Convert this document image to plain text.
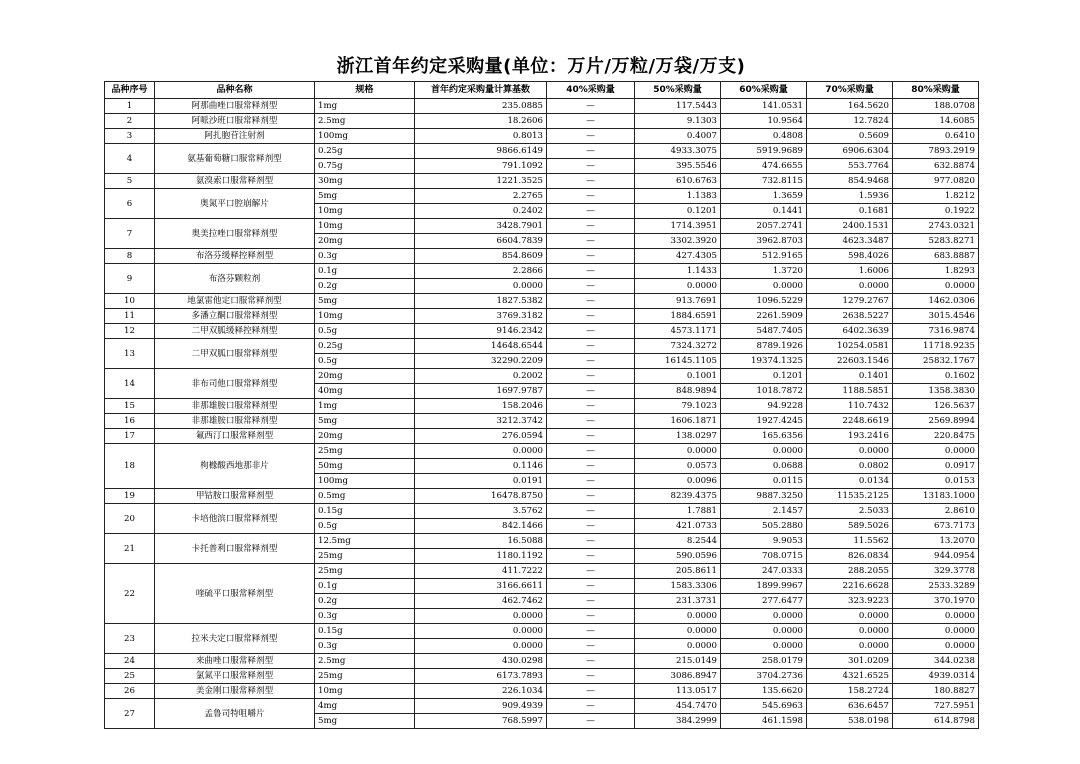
浙江首年约定采购量(单位：万片/万粒/万袋/万支)
品种序号	品种名称	规格	首年约定采购量计算基数	40%采购量	50%采购量	60%采购量	70%采购量	80%采购量
1	阿那曲唑口服常释剂型	1mg	235.0885	—	117.5443	141.0531	164.5620	188.0708
2	阿哌沙班口服常释剂型	2.5mg	18.2606	—	9.1303	10.9564	12.7824	14.6085
3	阿扎胞苷注射剂	100mg	0.8013	—	0.4007	0.4808	0.5609	0.6410
4	氨基葡萄糖口服常释剂型	0.25g	9866.6149	—	4933.3075	5919.9689	6906.6304	7893.2919
		0.75g	791.1092	—	395.5546	474.6655	553.7764	632.8874
5	氨溴索口服常释剂型	30mg	1221.3525	—	610.6763	732.8115	854.9468	977.0820
6	奥氮平口腔崩解片	5mg	2.2765	—	1.1383	1.3659	1.5936	1.8212
		10mg	0.2402	—	0.1201	0.1441	0.1681	0.1922
7	奥美拉唑口服常释剂型	10mg	3428.7901	—	1714.3951	2057.2741	2400.1531	2743.0321
		20mg	6604.7839	—	3302.3920	3962.8703	4623.3487	5283.8271
8	布洛芬缓释控释剂型	0.3g	854.8609	—	427.4305	512.9165	598.4026	683.8887
9	布洛芬颗粒剂	0.1g	2.2866	—	1.1433	1.3720	1.6006	1.8293
		0.2g	0.0000	—	0.0000	0.0000	0.0000	0.0000
10	地氯雷他定口服常释剂型	5mg	1827.5382	—	913.7691	1096.5229	1279.2767	1462.0306
11	多潘立酮口服常释剂型	10mg	3769.3182	—	1884.6591	2261.5909	2638.5227	3015.4546
12	二甲双胍缓释控释剂型	0.5g	9146.2342	—	4573.1171	5487.7405	6402.3639	7316.9874
13	二甲双胍口服常释剂型	0.25g	14648.6544	—	7324.3272	8789.1926	10254.0581	11718.9235
		0.5g	32290.2209	—	16145.1105	19374.1325	22603.1546	25832.1767
14	非布司他口服常释剂型	20mg	0.2002	—	0.1001	0.1201	0.1401	0.1602
		40mg	1697.9787	—	848.9894	1018.7872	1188.5851	1358.3830
15	非那雄胺口服常释剂型	1mg	158.2046	—	79.1023	94.9228	110.7432	126.5637
16	非那雄胺口服常释剂型	5mg	3212.3742	—	1606.1871	1927.4245	2248.6619	2569.8994
17	氟西汀口服常释剂型	20mg	276.0594	—	138.0297	165.6356	193.2416	220.8475
18	枸橼酸西地那非片	25mg	0.0000	—	0.0000	0.0000	0.0000	0.0000
		50mg	0.1146	—	0.0573	0.0688	0.0802	0.0917
		100mg	0.0191	—	0.0096	0.0115	0.0134	0.0153
19	甲钴胺口服常释剂型	0.5mg	16478.8750	—	8239.4375	9887.3250	11535.2125	13183.1000
20	卡培他滨口服常释剂型	0.15g	3.5762	—	1.7881	2.1457	2.5033	2.8610
		0.5g	842.1466	—	421.0733	505.2880	589.5026	673.7173
21	卡托普利口服常释剂型	12.5mg	16.5088	—	8.2544	9.9053	11.5562	13.2070
		25mg	1180.1192	—	590.0596	708.0715	826.0834	944.0954
22	喹硫平口服常释剂型	25mg	411.7222	—	205.8611	247.0333	288.2055	329.3778
		0.1g	3166.6611	—	1583.3306	1899.9967	2216.6628	2533.3289
		0.2g	462.7462	—	231.3731	277.6477	323.9223	370.1970
		0.3g	0.0000	—	0.0000	0.0000	0.0000	0.0000
23	拉米夫定口服常释剂型	0.15g	0.0000	—	0.0000	0.0000	0.0000	0.0000
		0.3g	0.0000	—	0.0000	0.0000	0.0000	0.0000
24	来曲唑口服常释剂型	2.5mg	430.0298	—	215.0149	258.0179	301.0209	344.0238
25	氯氮平口服常释剂型	25mg	6173.7893	—	3086.8947	3704.2736	4321.6525	4939.0314
26	美金刚口服常释剂型	10mg	226.1034	—	113.0517	135.6620	158.2724	180.8827
27	孟鲁司特咀嚼片	4mg	909.4939	—	454.7470	545.6963	636.6457	727.5951
		5mg	768.5997	—	384.2999	461.1598	538.0198	614.8798
